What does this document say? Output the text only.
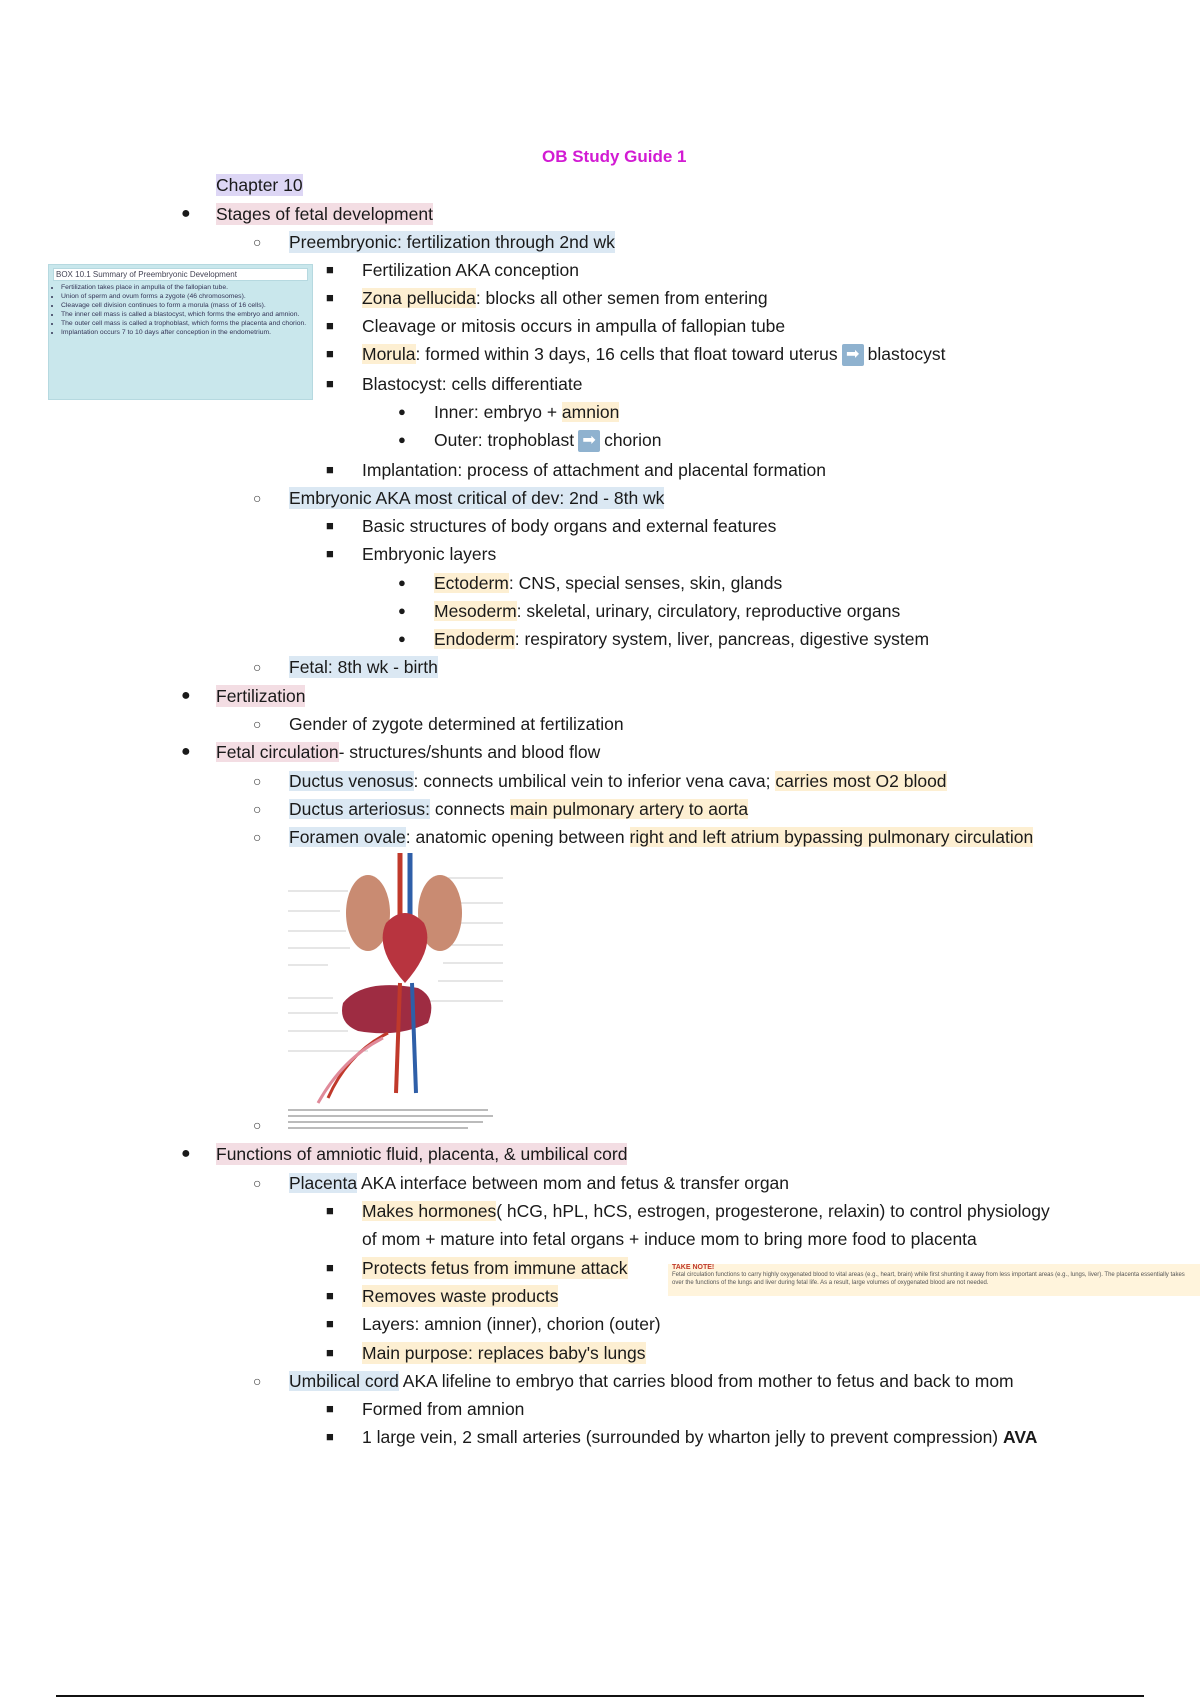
OB Study Guide 1
Chapter 10
BOX 10.1 Summary of Preembryonic Development
• Fertilization takes place in ampulla of the fallopian tube.
• Union of sperm and ovum forms a zygote (46 chromosomes).
• Cleavage cell division continues to form a morula (mass of 16 cells).
• The inner cell mass is called a blastocyst, which forms the embryo and amnion.
• The outer cell mass is called a trophoblast, which forms the placenta and chorion.
• Implantation occurs 7 to 10 days after conception in the endometrium.
● Stages of fetal development
○ Preembryonic: fertilization through 2nd wk
■ Fertilization AKA conception
■ Zona pellucida: blocks all other semen from entering
■ Cleavage or mitosis occurs in ampulla of fallopian tube
■ Morula: formed within 3 days, 16 cells that float toward uterus ➡ blastocyst
■ Blastocyst: cells differentiate
● Inner: embryo + amnion
● Outer: trophoblast ➡ chorion
■ Implantation: process of attachment and placental formation
○ Embryonic AKA most critical of dev: 2nd - 8th wk
■ Basic structures of body organs and external features
■ Embryonic layers
● Ectoderm: CNS, special senses, skin, glands
● Mesoderm: skeletal, urinary, circulatory, reproductive organs
● Endoderm: respiratory system, liver, pancreas, digestive system
○ Fetal: 8th wk - birth
● Fertilization
○ Gender of zygote determined at fertilization
● Fetal circulation- structures/shunts and blood flow
○ Ductus venosus: connects umbilical vein to inferior vena cava; carries most O2 blood
○ Ductus arteriosus: connects main pulmonary artery to aorta
○ Foramen ovale: anatomic opening between right and left atrium bypassing pulmonary circulation
○
● Functions of amniotic fluid, placenta, & umbilical cord
○ Placenta AKA interface between mom and fetus & transfer organ
■ Makes hormones( hCG, hPL, hCS, estrogen, progesterone, relaxin) to control physiology
of mom + mature into fetal organs + induce mom to bring more food to placenta
■ Protects fetus from immune attack
■ Removes waste products
■ Layers: amnion (inner), chorion (outer)
■ Main purpose: replaces baby's lungs
○ Umbilical cord AKA lifeline to embryo that carries blood from mother to fetus and back to mom
■ Formed from amnion
■ 1 large vein, 2 small arteries (surrounded by wharton jelly to prevent compression) AVA
TAKE NOTE!
Fetal circulation functions to carry highly oxygenated blood to vital areas (e.g., heart, brain) while first shunting it away from less important areas (e.g., lungs, liver). The placenta essentially takes over the functions of the lungs and liver during fetal life. As a result, large volumes of oxygenated blood are not needed.
